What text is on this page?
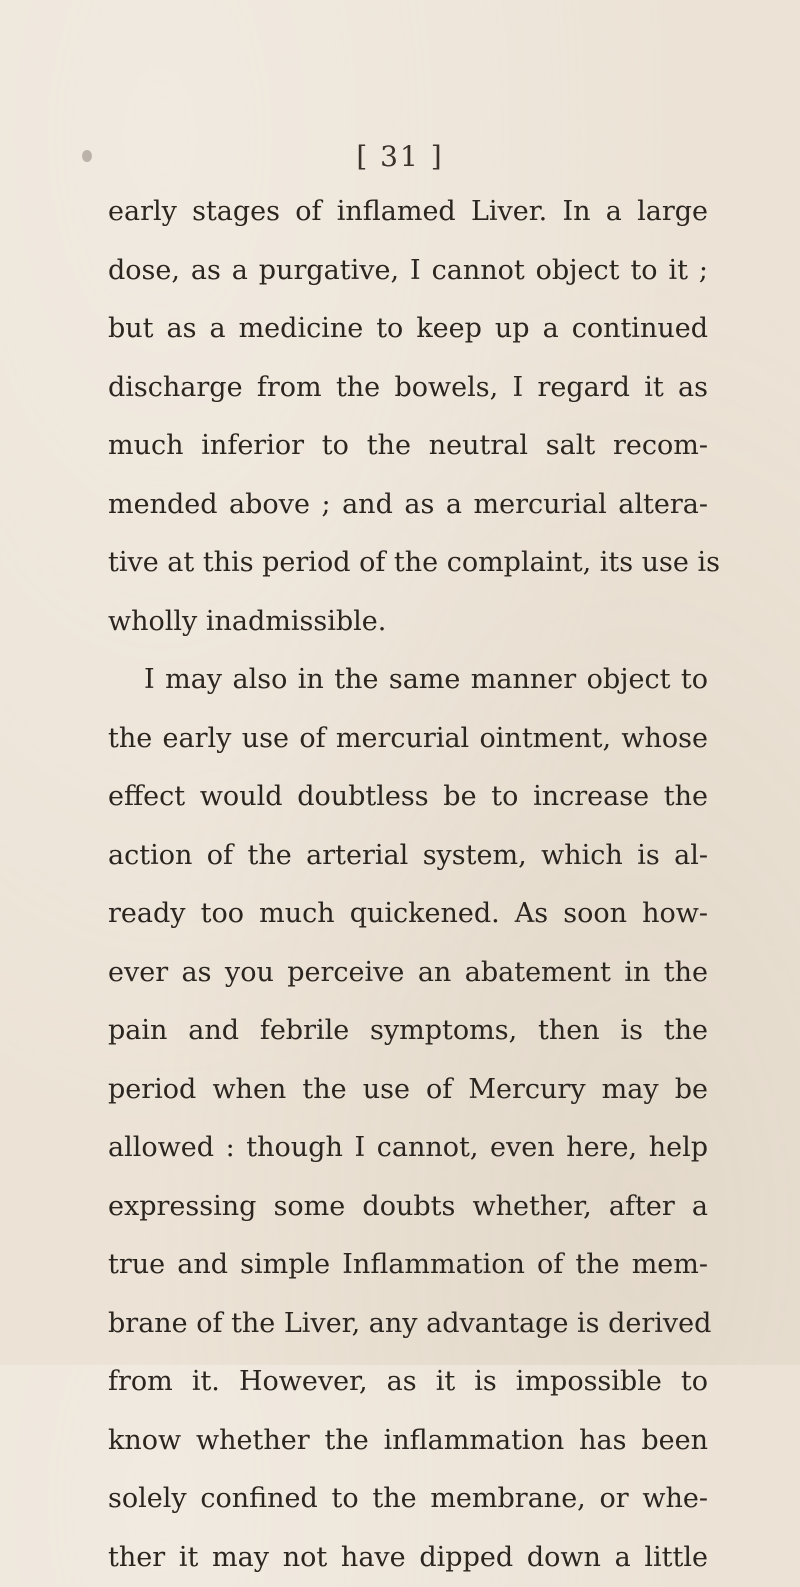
[ 31 ]
early stages of inflamed Liver. In a large
dose, as a purgative, I cannot object to it ;
but as a medicine to keep up a continued
discharge from the bowels, I regard it as
much inferior to the neutral salt recom-
mended above ; and as a mercurial altera-
tive at this period of the complaint, its use is
wholly inadmissible.
I may also in the same manner object to
the early use of mercurial ointment, whose
effect would doubtless be to increase the
action of the arterial system, which is al-
ready too much quickened. As soon how-
ever as you perceive an abatement in the
pain and febrile symptoms, then is the
period when the use of Mercury may be
allowed : though I cannot, even here, help
expressing some doubts whether, after a
true and simple Inflammation of the mem-
brane of the Liver, any advantage is derived
from it. However, as it is impossible to
know whether the inflammation has been
solely confined to the membrane, or whe-
ther it may not have dipped down a little
